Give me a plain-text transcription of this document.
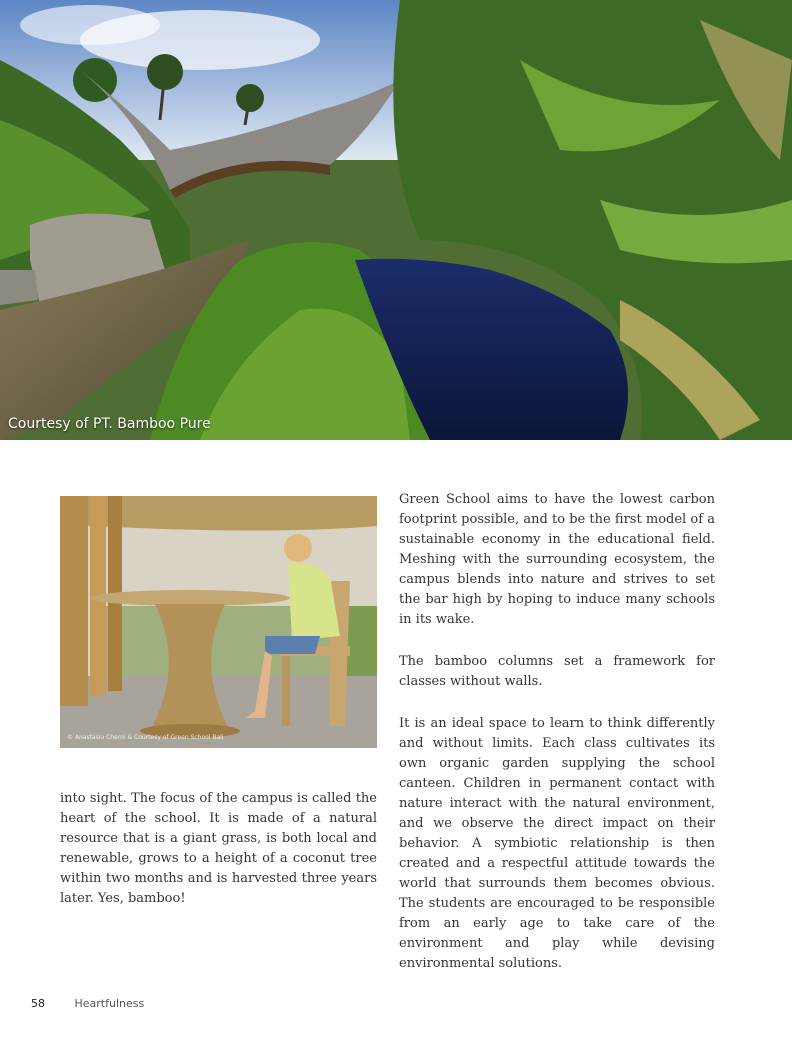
Courtesy of PT. Bamboo Pure
© Anastasia Cherni & Courtesy of Green School Bali

into sight. The focus of the campus is called the heart of the school. It is made of a natural resource that is a giant grass, is both local and renewable, grows to a height of a coconut tree within two months and is harvested three years later. Yes, bamboo!

Green School aims to have the lowest carbon footprint possible, and to be the first model of a sustainable economy in the educational field. Meshing with the surrounding ecosystem, the campus blends into nature and strives to set the bar high by hoping to induce many schools in its wake.

The bamboo columns set a framework for classes without walls.

It is an ideal space to learn to think differently and without limits. Each class cultivates its own organic garden supplying the school canteen. Children in permanent contact with nature interact with the natural environment, and we observe the direct impact on their behavior. A symbiotic relationship is then created and a respectful attitude towards the world that surrounds them becomes obvious. The students are encouraged to be responsible from an early age to take care of the environment and play while devising environmental solutions.

58	Heartfulness
